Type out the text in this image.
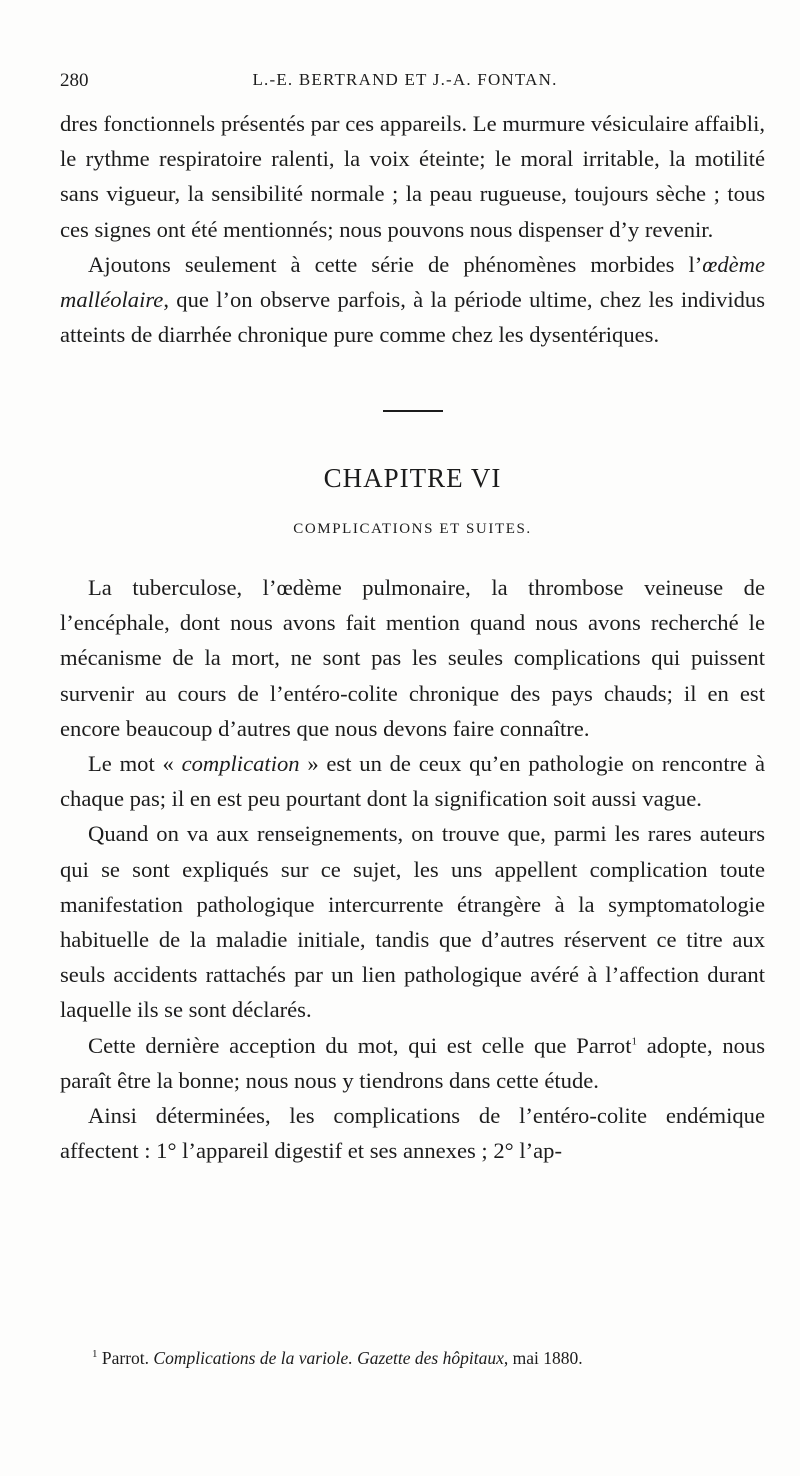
280	L.-E. BERTRAND ET J.-A. FONTAN.

dres fonctionnels présentés par ces appareils. Le murmure vésiculaire affaibli, le rythme respiratoire ralenti, la voix éteinte; le moral irritable, la motilité sans vigueur, la sensibilité normale ; la peau rugueuse, toujours sèche ; tous ces signes ont été mentionnés; nous pouvons nous dispenser d’y revenir.

Ajoutons seulement à cette série de phénomènes morbides l’œdème malléolaire, que l’on observe parfois, à la période ultime, chez les individus atteints de diarrhée chronique pure comme chez les dysentériques.

CHAPITRE VI
COMPLICATIONS ET SUITES.

La tuberculose, l’œdème pulmonaire, la thrombose veineuse de l’encéphale, dont nous avons fait mention quand nous avons recherché le mécanisme de la mort, ne sont pas les seules complications qui puissent survenir au cours de l’entéro-colite chronique des pays chauds; il en est encore beaucoup d’autres que nous devons faire connaître.

Le mot « complication » est un de ceux qu’en pathologie on rencontre à chaque pas; il en est peu pourtant dont la signification soit aussi vague.

Quand on va aux renseignements, on trouve que, parmi les rares auteurs qui se sont expliqués sur ce sujet, les uns appellent complication toute manifestation pathologique intercurrente étrangère à la symptomatologie habituelle de la maladie initiale, tandis que d’autres réservent ce titre aux seuls accidents rattachés par un lien pathologique avéré à l’affection durant laquelle ils se sont déclarés.

Cette dernière acception du mot, qui est celle que Parrot$^1$ adopte, nous paraît être la bonne; nous nous y tiendrons dans cette étude.

Ainsi déterminées, les complications de l’entéro-colite endémique affectent : 1° l’appareil digestif et ses annexes ; 2° l’ap-

$^1$ Parrot. Complications de la variole. Gazette des hôpitaux, mai 1880.
